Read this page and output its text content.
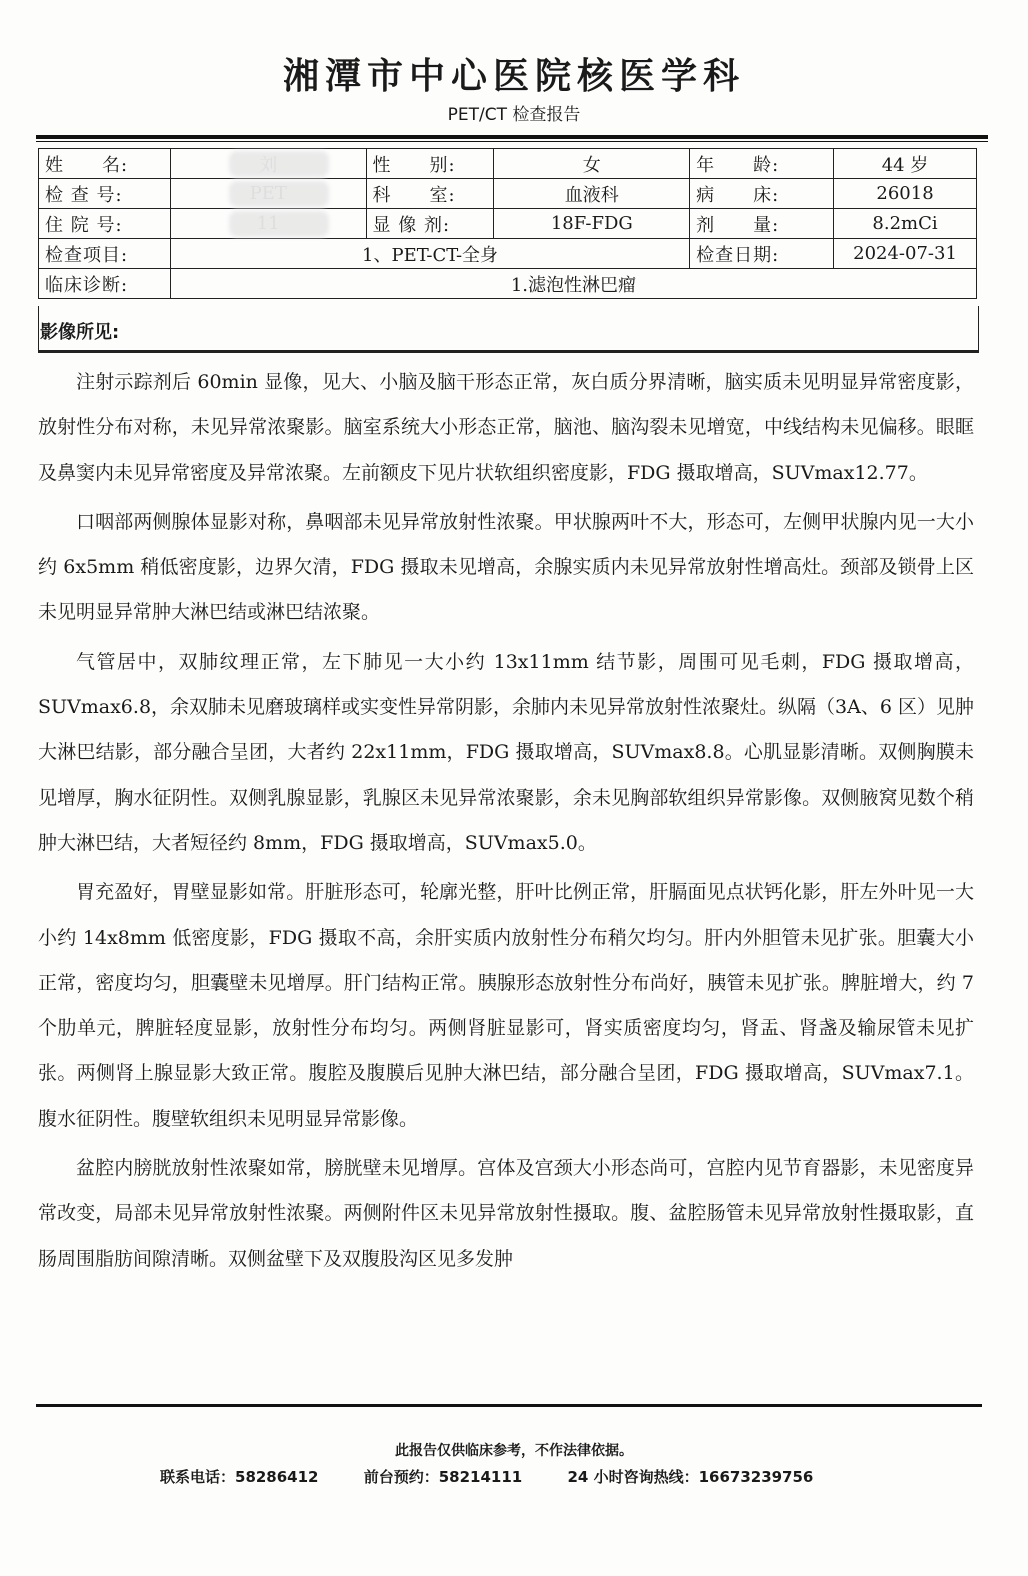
湘潭市中心医院核医学科
PET/CT 检查报告
姓　　名:		性　　别:	女	年　　龄:	44 岁
检 查 号:		科　　室:	血液科	病　　床:	26018
住 院 号:		显 像 剂:	18F-FDG	剂　　量:	8.2mCi
检查项目:	1、PET-CT-全身			检查日期:	2024-07-31
临床诊断:	1.滤泡性淋巴瘤				
影像所见:

注射示踪剂后 60min 显像，见大、小脑及脑干形态正常，灰白质分界清晰，脑实质未见明显异常密度影，放射性分布对称，未见异常浓聚影。脑室系统大小形态正常，脑池、脑沟裂未见增宽，中线结构未见偏移。眼眶及鼻窦内未见异常密度及异常浓聚。左前额皮下见片状软组织密度影，FDG 摄取增高，SUVmax12.77。

口咽部两侧腺体显影对称，鼻咽部未见异常放射性浓聚。甲状腺两叶不大，形态可，左侧甲状腺内见一大小约 6x5mm 稍低密度影，边界欠清，FDG 摄取未见增高，余腺实质内未见异常放射性增高灶。颈部及锁骨上区未见明显异常肿大淋巴结或淋巴结浓聚。

气管居中，双肺纹理正常，左下肺见一大小约 13x11mm 结节影，周围可见毛刺，FDG 摄取增高，SUVmax6.8，余双肺未见磨玻璃样或实变性异常阴影，余肺内未见异常放射性浓聚灶。纵隔（3A、6 区）见肿大淋巴结影，部分融合呈团，大者约 22x11mm，FDG 摄取增高，SUVmax8.8。心肌显影清晰。双侧胸膜未见增厚，胸水征阴性。双侧乳腺显影，乳腺区未见异常浓聚影，余未见胸部软组织异常影像。双侧腋窝见数个稍肿大淋巴结，大者短径约 8mm，FDG 摄取增高，SUVmax5.0。

胃充盈好，胃壁显影如常。肝脏形态可，轮廓光整，肝叶比例正常，肝膈面见点状钙化影，肝左外叶见一大小约 14x8mm 低密度影，FDG 摄取不高，余肝实质内放射性分布稍欠均匀。肝内外胆管未见扩张。胆囊大小正常，密度均匀，胆囊壁未见增厚。肝门结构正常。胰腺形态放射性分布尚好，胰管未见扩张。脾脏增大，约 7 个肋单元，脾脏轻度显影，放射性分布均匀。两侧肾脏显影可，肾实质密度均匀，肾盂、肾盏及输尿管未见扩张。两侧肾上腺显影大致正常。腹腔及腹膜后见肿大淋巴结，部分融合呈团，FDG 摄取增高，SUVmax7.1。腹水征阴性。腹壁软组织未见明显异常影像。

盆腔内膀胱放射性浓聚如常，膀胱壁未见增厚。宫体及宫颈大小形态尚可，宫腔内见节育器影，未见密度异常改变，局部未见异常放射性浓聚。两侧附件区未见异常放射性摄取。腹、盆腔肠管未见异常放射性摄取影，直肠周围脂肪间隙清晰。双侧盆壁下及双腹股沟区见多发肿

此报告仅供临床参考，不作法律依据。
联系电话：58286412	前台预约：58214111	24 小时咨询热线：16673239756
